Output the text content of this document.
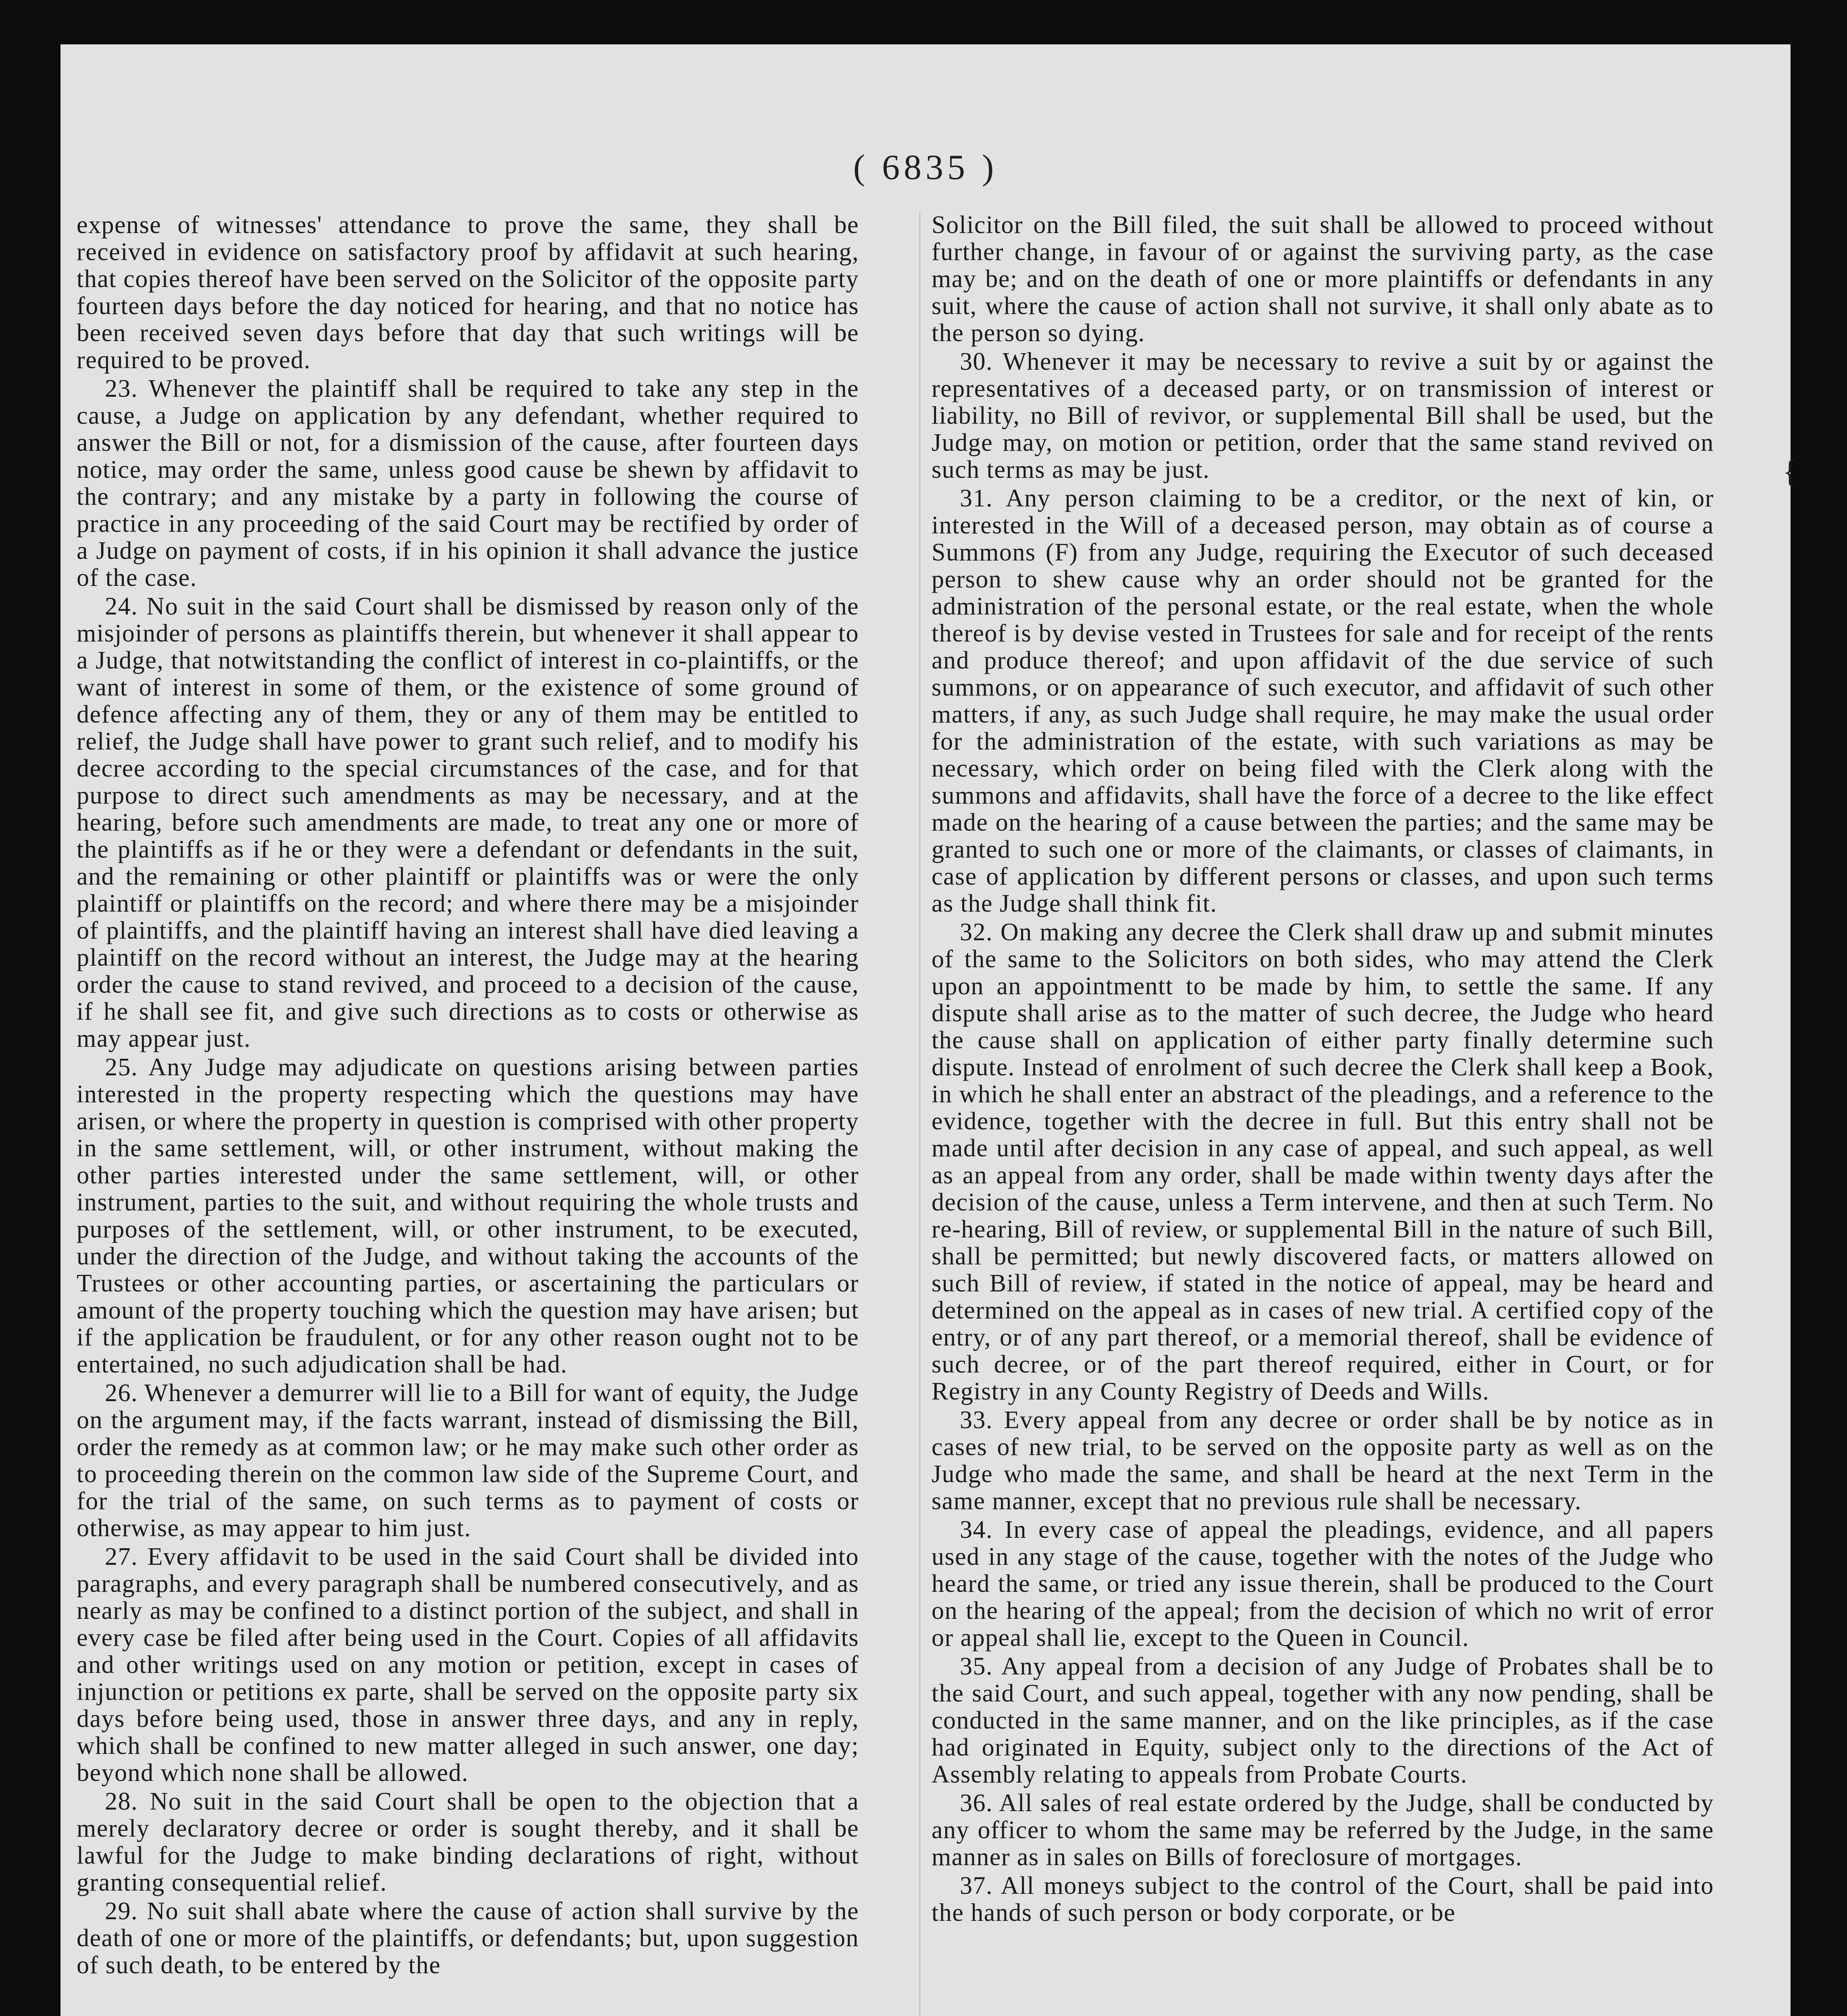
( 6835 )

expense of witnesses' attendance to prove the same, they shall be received in evidence on satisfactory proof by affidavit at such hearing, that copies thereof have been served on the Solicitor of the opposite party fourteen days before the day noticed for hearing, and that no notice has been received seven days before that day that such writings will be required to be proved.

23. Whenever the plaintiff shall be required to take any step in the cause, a Judge on application by any defendant, whether required to answer the Bill or not, for a dismission of the cause, after fourteen days notice, may order the same, unless good cause be shewn by affidavit to the contrary; and any mistake by a party in following the course of practice in any proceeding of the said Court may be rectified by order of a Judge on payment of costs, if in his opinion it shall advance the justice of the case.

24. No suit in the said Court shall be dismissed by reason only of the misjoinder of persons as plaintiffs therein, but whenever it shall appear to a Judge, that notwitstanding the conflict of interest in co-plaintiffs, or the want of interest in some of them, or the existence of some ground of defence affecting any of them, they or any of them may be entitled to relief, the Judge shall have power to grant such relief, and to modify his decree according to the special circumstances of the case, and for that purpose to direct such amendments as may be necessary, and at the hearing, before such amendments are made, to treat any one or more of the plaintiffs as if he or they were a defendant or defendants in the suit, and the remaining or other plaintiff or plaintiffs was or were the only plaintiff or plaintiffs on the record; and where there may be a misjoinder of plaintiffs, and the plaintiff having an interest shall have died leaving a plaintiff on the record without an interest, the Judge may at the hearing order the cause to stand revived, and proceed to a decision of the cause, if he shall see fit, and give such directions as to costs or otherwise as may appear just.

25. Any Judge may adjudicate on questions arising between parties interested in the property respecting which the questions may have arisen, or where the property in question is comprised with other property in the same settlement, will, or other instrument, without making the other parties interested under the same settlement, will, or other instrument, parties to the suit, and without requiring the whole trusts and purposes of the settlement, will, or other instrument, to be executed, under the direction of the Judge, and without taking the accounts of the Trustees or other accounting parties, or ascertaining the particulars or amount of the property touching which the question may have arisen; but if the application be fraudulent, or for any other reason ought not to be entertained, no such adjudication shall be had.

26. Whenever a demurrer will lie to a Bill for want of equity, the Judge on the argument may, if the facts warrant, instead of dismissing the Bill, order the remedy as at common law; or he may make such other order as to proceeding therein on the common law side of the Supreme Court, and for the trial of the same, on such terms as to payment of costs or otherwise, as may appear to him just.

27. Every affidavit to be used in the said Court shall be divided into paragraphs, and every paragraph shall be numbered consecutively, and as nearly as may be confined to a distinct portion of the subject, and shall in every case be filed after being used in the Court. Copies of all affidavits and other writings used on any motion or petition, except in cases of injunction or petitions ex parte, shall be served on the opposite party six days before being used, those in answer three days, and any in reply, which shall be confined to new matter alleged in such answer, one day; beyond which none shall be allowed.

28. No suit in the said Court shall be open to the objection that a merely declaratory decree or order is sought thereby, and it shall be lawful for the Judge to make binding declarations of right, without granting consequential relief.

29. No suit shall abate where the cause of action shall survive by the death of one or more of the plaintiffs, or defendants; but, upon suggestion of such death, to be entered by the

Solicitor on the Bill filed, the suit shall be allowed to proceed without further change, in favour of or against the surviving party, as the case may be; and on the death of one or more plaintiffs or defendants in any suit, where the cause of action shall not survive, it shall only abate as to the person so dying.

30. Whenever it may be necessary to revive a suit by or against the representatives of a deceased party, or on transmission of interest or liability, no Bill of revivor, or supplemental Bill shall be used, but the Judge may, on motion or petition, order that the same stand revived on such terms as may be just.

31. Any person claiming to be a creditor, or the next of kin, or interested in the Will of a deceased person, may obtain as of course a Summons (F) from any Judge, requiring the Executor of such deceased person to shew cause why an order should not be granted for the administration of the personal estate, or the real estate, when the whole thereof is by devise vested in Trustees for sale and for receipt of the rents and produce thereof; and upon affidavit of the due service of such summons, or on appearance of such executor, and affidavit of such other matters, if any, as such Judge shall require, he may make the usual order for the administration of the estate, with such variations as may be necessary, which order on being filed with the Clerk along with the summons and affidavits, shall have the force of a decree to the like effect made on the hearing of a cause between the parties; and the same may be granted to such one or more of the claimants, or classes of claimants, in case of application by different persons or classes, and upon such terms as the Judge shall think fit.

32. On making any decree the Clerk shall draw up and submit minutes of the same to the Solicitors on both sides, who may attend the Clerk upon an appointmentt to be made by him, to settle the same. If any dispute shall arise as to the matter of such decree, the Judge who heard the cause shall on application of either party finally determine such dispute. Instead of enrolment of such decree the Clerk shall keep a Book, in which he shall enter an abstract of the pleadings, and a reference to the evidence, together with the decree in full. But this entry shall not be made until after decision in any case of appeal, and such appeal, as well as an appeal from any order, shall be made within twenty days after the decision of the cause, unless a Term intervene, and then at such Term. No re-hearing, Bill of review, or supplemental Bill in the nature of such Bill, shall be permitted; but newly discovered facts, or matters allowed on such Bill of review, if stated in the notice of appeal, may be heard and determined on the appeal as in cases of new trial. A certified copy of the entry, or of any part thereof, or a memorial thereof, shall be evidence of such decree, or of the part thereof required, either in Court, or for Registry in any County Registry of Deeds and Wills.

33. Every appeal from any decree or order shall be by notice as in cases of new trial, to be served on the opposite party as well as on the Judge who made the same, and shall be heard at the next Term in the same manner, except that no previous rule shall be necessary.

34. In every case of appeal the pleadings, evidence, and all papers used in any stage of the cause, together with the notes of the Judge who heard the same, or tried any issue therein, shall be produced to the Court on the hearing of the appeal; from the decision of which no writ of error or appeal shall lie, except to the Queen in Council.

35. Any appeal from a decision of any Judge of Probates shall be to the said Court, and such appeal, together with any now pending, shall be conducted in the same manner, and on the like principles, as if the case had originated in Equity, subject only to the directions of the Act of Assembly relating to appeals from Probate Courts.

36. All sales of real estate ordered by the Judge, shall be conducted by any officer to whom the same may be referred by the Judge, in the same manner as in sales on Bills of foreclosure of mortgages.

37. All moneys subject to the control of the Court, shall be paid into the hands of such person or body corporate, or be

{
